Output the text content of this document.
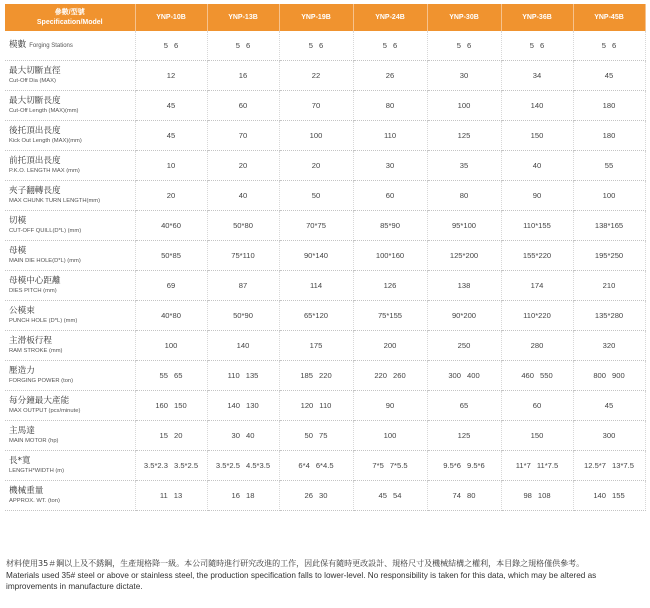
參數/型號
Specification/Model	YNP-10B	YNP-13B	YNP-19B	YNP-24B	YNP-30B	YNP-36B	YNP-45B
模數 Forging Stations	5 6	5 6	5 6	5 6	5 6	5 6	5 6

最大切斷直徑
Cut-Off Dia (MAX)	12	16	22	26	30	34	45

最大切斷長度
Cut-Off Length (MAX)(mm)	45	60	70	80	100	140	180

後托頂出長度
Kick Out Length (MAX)(mm)	45	70	100	110	125	150	180

前托頂出長度
P.K.O. LENGTH MAX (mm)	10	20	20	30	35	40	55

夾子翻轉長度
MAX CHUNK TURN LENGTH(mm)	20	40	50	60	80	90	100

切模
CUT-OFF QUILL(D*L) (mm)	40*60	50*80	70*75	85*90	95*100	110*155	138*165

母模
MAIN DIE HOLE(D*L) (mm)	50*85	75*110	90*140	100*160	125*200	155*220	195*250

母模中心距離
DIES PITCH (mm)	69	87	114	126	138	174	210

公模束
PUNCH HOLE (D*L) (mm)	40*80	50*90	65*120	75*155	90*200	110*220	135*280

主滑板行程
RAM STROKE (mm)	100	140	175	200	250	280	320

壓造力
FORGING POWER (ton)	55 65	110 135	185 220	220 260	300 400	460 550	800 900

每分鐘最大產能
MAX OUTPUT (pcs/minute)	160 150	140 130	120 110	90	65	60	45

主馬達
MAIN MOTOR (hp)	15 20	30 40	50 75	100	125	150	300

長*寬
LENGTH*WIDTH (m)	3.5*2.3 3.5*2.5	3.5*2.5 4.5*3.5	6*4 6*4.5	7*5 7*5.5	9.5*6 9.5*6	11*7 11*7.5	12.5*7 13*7.5

機械重量
APPROX. WT. (ton)	11 13	16 18	26 30	45 54	74 80	98 108	140 155
材料使用35＃鋼以上及不銹鋼，生產規格降一級。本公司隨時進行研究改進的工作，因此保有隨時更改設計、規格尺寸及機械結構之權利，本目錄之規格僅供參考。
Materials used 35# steel or above or stainless steel, the production specification falls to lower-level. No responsibility is taken for this data, which may be altered as improvements in manufacture dictate.
